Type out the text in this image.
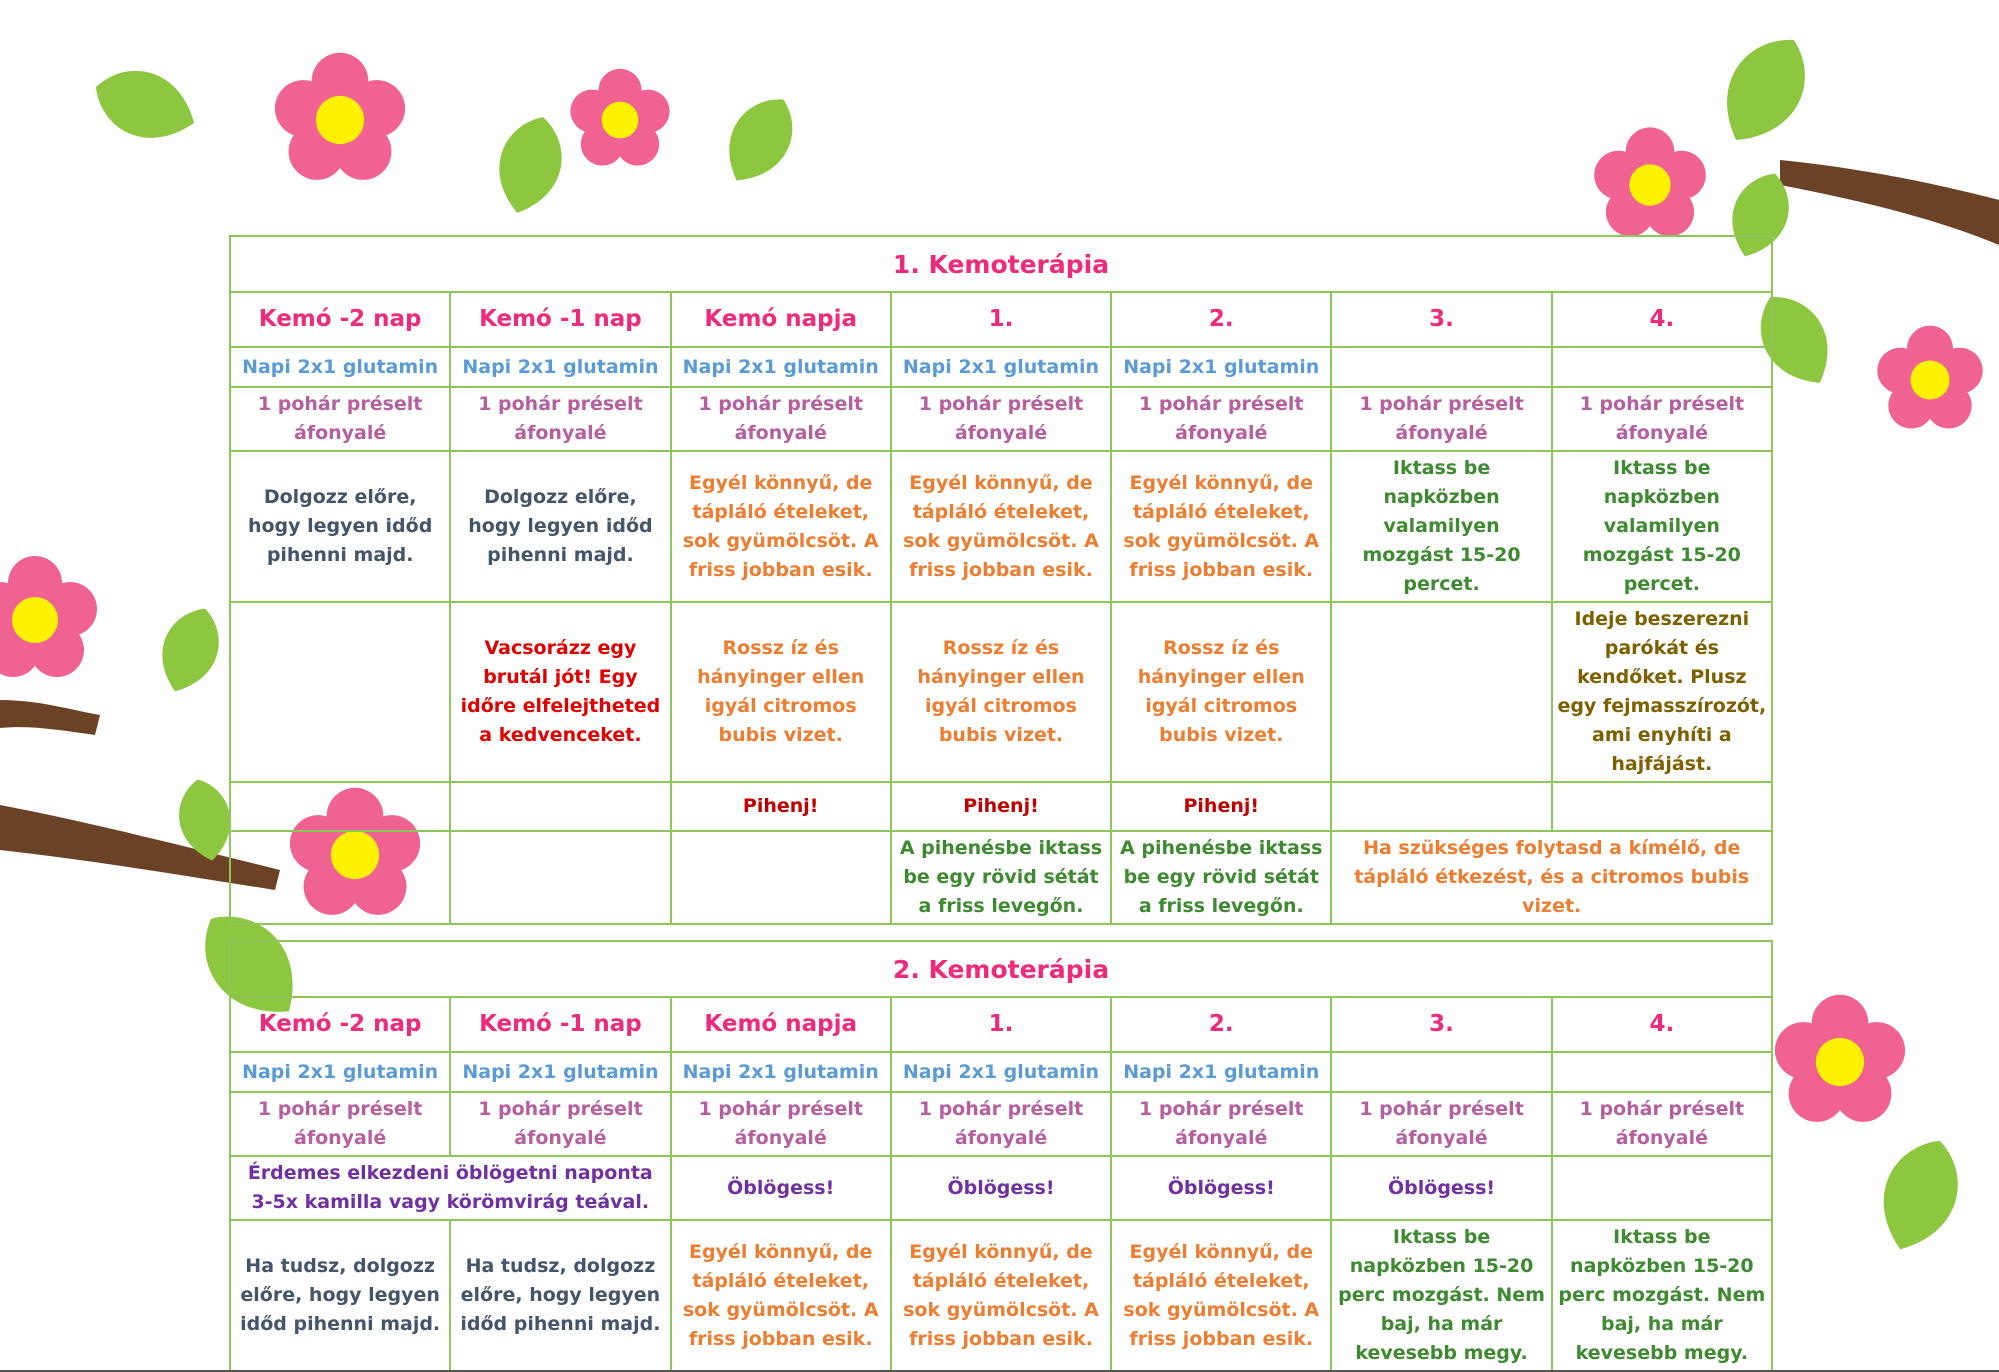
1. Kemoterápia						
Kemó -2 nap	Kemó -1 nap	Kemó napja	1.	2.	3.	4.
Napi 2x1 glutamin	Napi 2x1 glutamin	Napi 2x1 glutamin	Napi 2x1 glutamin	Napi 2x1 glutamin		
1 pohár préselt áfonyalé	1 pohár préselt áfonyalé	1 pohár préselt áfonyalé	1 pohár préselt áfonyalé	1 pohár préselt áfonyalé	1 pohár préselt áfonyalé	1 pohár préselt áfonyalé
Dolgozz előre, hogy legyen időd pihenni majd.	Dolgozz előre, hogy legyen időd pihenni majd.	Egyél könnyű, de tápláló ételeket, sok gyümölcsöt. A friss jobban esik.	Egyél könnyű, de tápláló ételeket, sok gyümölcsöt. A friss jobban esik.	Egyél könnyű, de tápláló ételeket, sok gyümölcsöt. A friss jobban esik.	Iktass be napközben valamilyen mozgást 15-20 percet.	Iktass be napközben valamilyen mozgást 15-20 percet.
	Vacsorázz egy brutál jót! Egy időre elfelejtheted a kedvenceket.	Rossz íz és hányinger ellen igyál citromos bubis vizet.	Rossz íz és hányinger ellen igyál citromos bubis vizet.	Rossz íz és hányinger ellen igyál citromos bubis vizet.		Ideje beszerezni parókát és kendőket. Plusz egy fejmasszírozót, ami enyhíti a hajfájást.
		Pihenj!	Pihenj!	Pihenj!		
			A pihenésbe iktass be egy rövid sétát a friss levegőn.	A pihenésbe iktass be egy rövid sétát a friss levegőn.	Ha szükséges folytasd a kímélő, de tápláló étkezést, és a citromos bubis vizet.	
2. Kemoterápia						
Kemó -2 nap	Kemó -1 nap	Kemó napja	1.	2.	3.	4.
Napi 2x1 glutamin	Napi 2x1 glutamin	Napi 2x1 glutamin	Napi 2x1 glutamin	Napi 2x1 glutamin		
1 pohár préselt áfonyalé	1 pohár préselt áfonyalé	1 pohár préselt áfonyalé	1 pohár préselt áfonyalé	1 pohár préselt áfonyalé	1 pohár préselt áfonyalé	1 pohár préselt áfonyalé
Érdemes elkezdeni öblögetni naponta 3-5x kamilla vagy körömvirág teával.		Öblögess!	Öblögess!	Öblögess!	Öblögess!	
Ha tudsz, dolgozz előre, hogy legyen időd pihenni majd.	Ha tudsz, dolgozz előre, hogy legyen időd pihenni majd.	Egyél könnyű, de tápláló ételeket, sok gyümölcsöt. A friss jobban esik.	Egyél könnyű, de tápláló ételeket, sok gyümölcsöt. A friss jobban esik.	Egyél könnyű, de tápláló ételeket, sok gyümölcsöt. A friss jobban esik.	Iktass be napközben 15-20 perc mozgást. Nem baj, ha már kevesebb megy.	Iktass be napközben 15-20 perc mozgást. Nem baj, ha már kevesebb megy.
